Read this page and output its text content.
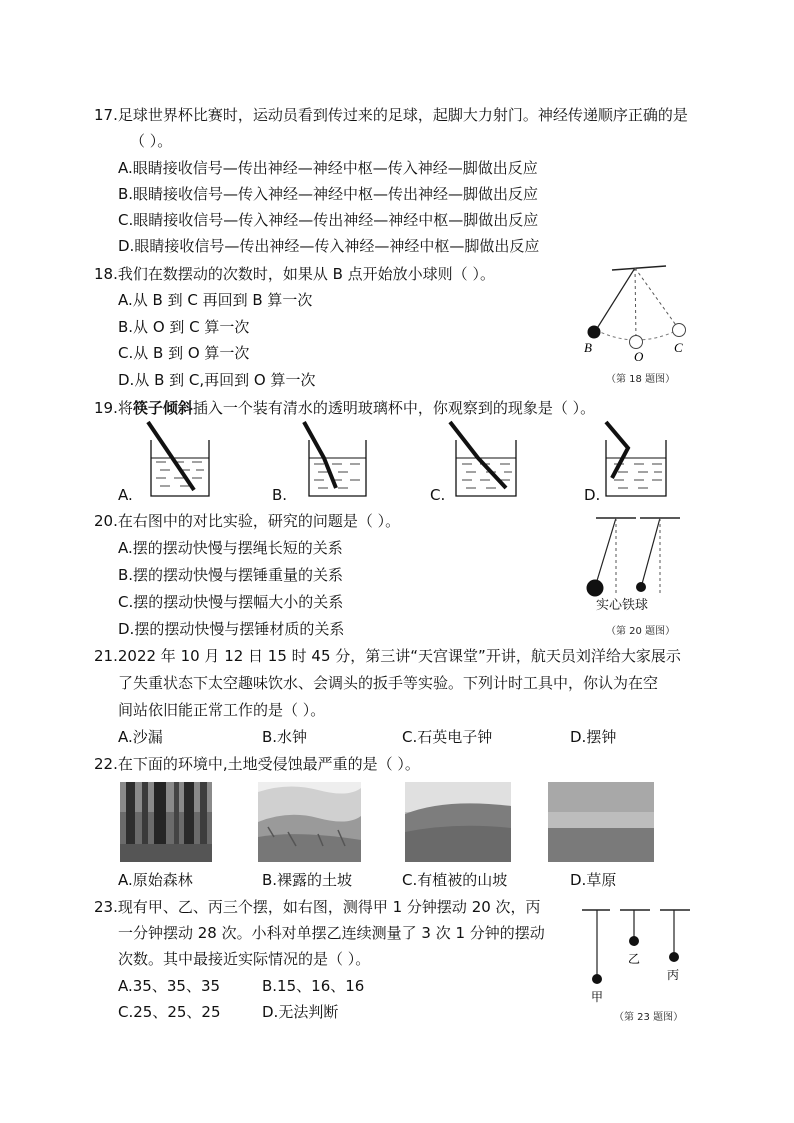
17.足球世界杯比赛时，运动员看到传过来的足球，起脚大力射门。神经传递顺序正确的是
（ ）。
A.眼睛接收信号—传出神经—神经中枢—传入神经—脚做出反应
B.眼睛接收信号—传入神经—神经中枢—传出神经—脚做出反应
C.眼睛接收信号—传入神经—传出神经—神经中枢—脚做出反应
D.眼睛接收信号—传出神经—传入神经—神经中枢—脚做出反应
18.我们在数摆动的次数时，如果从 B 点开始放小球则（ ）。
A.从 B 到 C 再回到 B 算一次
B.从 O 到 C 算一次
C.从 B 到 O 算一次
D.从 B 到 C,再回到 O 算一次
B
O
C
（第 18 题图）
19.将筷子倾斜插入一个装有清水的透明玻璃杯中，你观察到的现象是（ ）。
A.	B.	C.	D.
20.在右图中的对比实验，研究的问题是（ ）。
A.摆的摆动快慢与摆绳长短的关系
B.摆的摆动快慢与摆锤重量的关系
C.摆的摆动快慢与摆幅大小的关系
D.摆的摆动快慢与摆锤材质的关系
实心铁球
（第 20 题图）
21.2022 年 10 月 12 日 15 时 45 分，第三讲“天宫课堂”开讲，航天员刘洋给大家展示
了失重状态下太空趣味饮水、会调头的扳手等实验。下列计时工具中，你认为在空
间站依旧能正常工作的是（ ）。
A.沙漏	B.水钟	C.石英电子钟	D.摆钟
22.在下面的环境中,土地受侵蚀最严重的是（ ）。
A.原始森林	B.裸露的土坡	C.有植被的山坡	D.草原
23.现有甲、乙、丙三个摆，如右图，测得甲 1 分钟摆动 20 次，丙
一分钟摆动 28 次。小科对单摆乙连续测量了 3 次 1 分钟的摆动
次数。其中最接近实际情况的是（ ）。
A.35、35、35	B.15、16、16
C.25、25、25	D.无法判断
甲
乙
丙
（第 23 题图）
